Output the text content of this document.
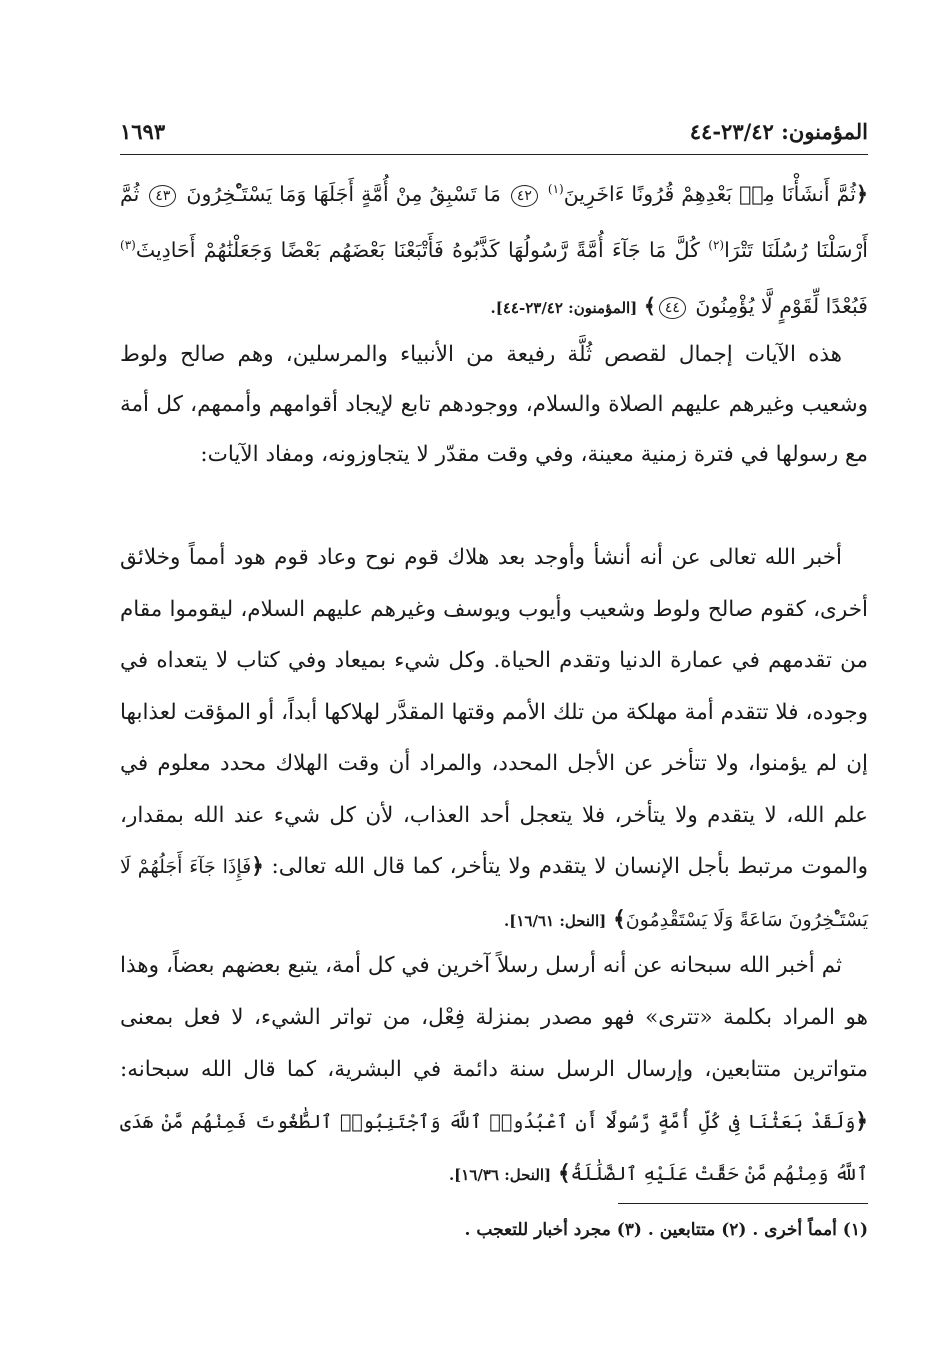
المؤمنون: ٢٣/٤٢-٤٤
١٦٩٣
﴿ثُمَّ أَنشَأْنَا مِنۢ بَعْدِهِمْ قُرُونًا ءَاخَرِينَ$^{(١)}$ ٤٢ مَا تَسْبِقُ مِنْ أُمَّةٍ أَجَلَهَا وَمَا يَسْتَـْٔخِرُونَ ٤٣ ثُمَّ أَرْسَلْنَا رُسُلَنَا تَتْرَا$^{(٢)}$ كُلَّ مَا جَآءَ أُمَّةً رَّسُولُهَا كَذَّبُوهُ فَأَتْبَعْنَا بَعْضَهُم بَعْضًا وَجَعَلْنَٰهُمْ أَحَادِيثَ$^{(٣)}$ فَبُعْدًا لِّقَوْمٍ لَّا يُؤْمِنُونَ ٤٤﴾ [المؤمنون: ٢٣/٤٢-٤٤].

هذه الآيات إجمال لقصص ثُلَّة رفيعة من الأنبياء والمرسلين، وهم صالح ولوط وشعيب وغيرهم عليهم الصلاة والسلام، ووجودهم تابع لإيجاد أقوامهم وأممهم، كل أمة مع رسولها في فترة زمنية معينة، وفي وقت مقدّر لا يتجاوزونه، ومفاد الآيات:

أخبر الله تعالى عن أنه أنشأ وأوجد بعد هلاك قوم نوح وعاد قوم هود أمماً وخلائق أخرى، كقوم صالح ولوط وشعيب وأيوب ويوسف وغيرهم عليهم السلام، ليقوموا مقام من تقدمهم في عمارة الدنيا وتقدم الحياة. وكل شيء بميعاد وفي كتاب لا يتعداه في وجوده، فلا تتقدم أمة مهلكة من تلك الأمم وقتها المقدَّر لهلاكها أبداً، أو المؤقت لعذابها إن لم يؤمنوا، ولا تتأخر عن الأجل المحدد، والمراد أن وقت الهلاك محدد معلوم في علم الله، لا يتقدم ولا يتأخر، فلا يتعجل أحد العذاب، لأن كل شيء عند الله بمقدار، والموت مرتبط بأجل الإنسان لا يتقدم ولا يتأخر، كما قال الله تعالى: ﴿فَإِذَا جَآءَ أَجَلُهُمْ لَا يَسْتَـْٔخِرُونَ سَاعَةً وَلَا يَسْتَقْدِمُونَ﴾ [النحل: ١٦/٦١].

ثم أخبر الله سبحانه عن أنه أرسل رسلاً آخرين في كل أمة، يتبع بعضهم بعضاً، وهذا هو المراد بكلمة «تترى» فهو مصدر بمنزلة فِعْل، من تواتر الشيء، لا فعل بمعنى متواترين متتابعين، وإرسال الرسل سنة دائمة في البشرية، كما قال الله سبحانه: ﴿وَلَقَدْ بَعَثْنَا فِى كُلِّ أُمَّةٍ رَّسُولًا أَنِ ٱعْبُدُوا۟ ٱللَّهَ وَٱجْتَنِبُوا۟ ٱلطَّٰغُوتَ فَمِنْهُم مَّنْ هَدَى ٱللَّهُ وَمِنْهُم مَّنْ حَقَّتْ عَلَيْهِ ٱلضَّلَٰلَةُ﴾ [النحل: ١٦/٣٦].

(١) أمماً أخرى . (٢) متتابعين . (٣) مجرد أخبار للتعجب .
